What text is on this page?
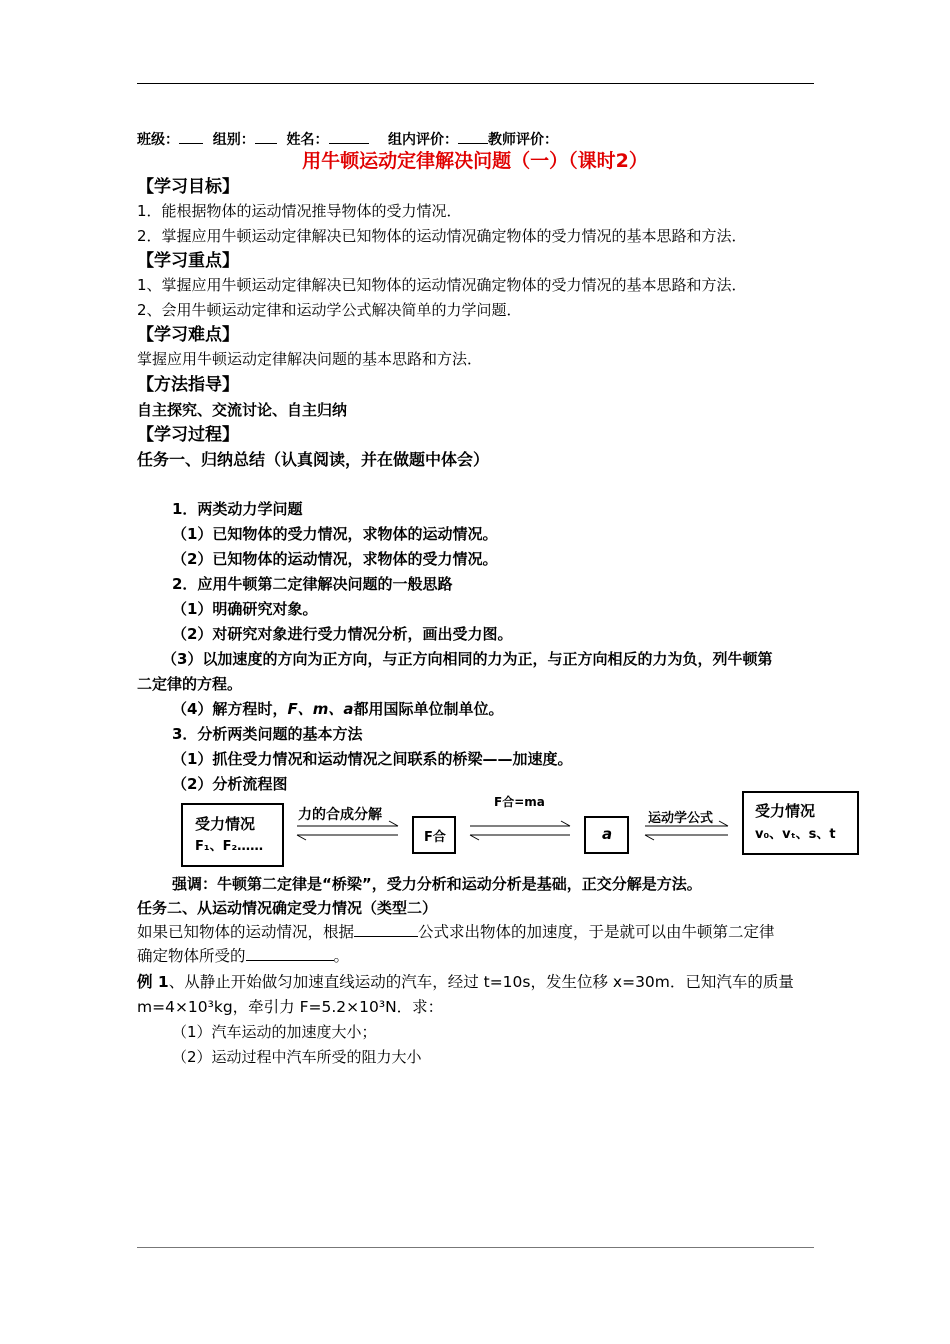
班级： 组别： 姓名：	组内评价： 教师评价：
用牛顿运动定律解决问题（一）（课时2）
【学习目标】
1．能根据物体的运动情况推导物体的受力情况．
2．掌握应用牛顿运动定律解决已知物体的运动情况确定物体的受力情况的基本思路和方法．
【学习重点】
1、掌握应用牛顿运动定律解决已知物体的运动情况确定物体的受力情况的基本思路和方法．
2、会用牛顿运动定律和运动学公式解决简单的力学问题．
【学习难点】
掌握应用牛顿运动定律解决问题的基本思路和方法．
【方法指导】
自主探究、交流讨论、自主归纳
【学习过程】
任务一、归纳总结（认真阅读，并在做题中体会）
1．两类动力学问题
（1）已知物体的受力情况，求物体的运动情况。
（2）已知物体的运动情况，求物体的受力情况。
2．应用牛顿第二定律解决问题的一般思路
（1）明确研究对象。
（2）对研究对象进行受力情况分析，画出受力图。
（3）以加速度的方向为正方向，与正方向相同的力为正，与正方向相反的力为负，列牛顿第
二定律的方程。
（4）解方程时，F、m、a都用国际单位制单位。
3．分析两类问题的基本方法
（1）抓住受力情况和运动情况之间联系的桥梁——加速度。
（2）分析流程图
受力情况
F₁、F₂……
力的合成分解
F合
F合=ma
a
运动学公式	受力情况
v₀、vₜ、s、t
强调：牛顿第二定律是“桥梁”，受力分析和运动分析是基础，正交分解是方法。
任务二、从运动情况确定受力情况（类型二）
如果已知物体的运动情况，根据	公式求出物体的加速度，于是就可以由牛顿第二定律
确定物体所受的	。
例 1、从静止开始做匀加速直线运动的汽车，经过 t=10s，发生位移 x=30m．已知汽车的质量
m=4×10³kg，牵引力 F=5.2×10³N．求：
（1）汽车运动的加速度大小；
（2）运动过程中汽车所受的阻力大小
